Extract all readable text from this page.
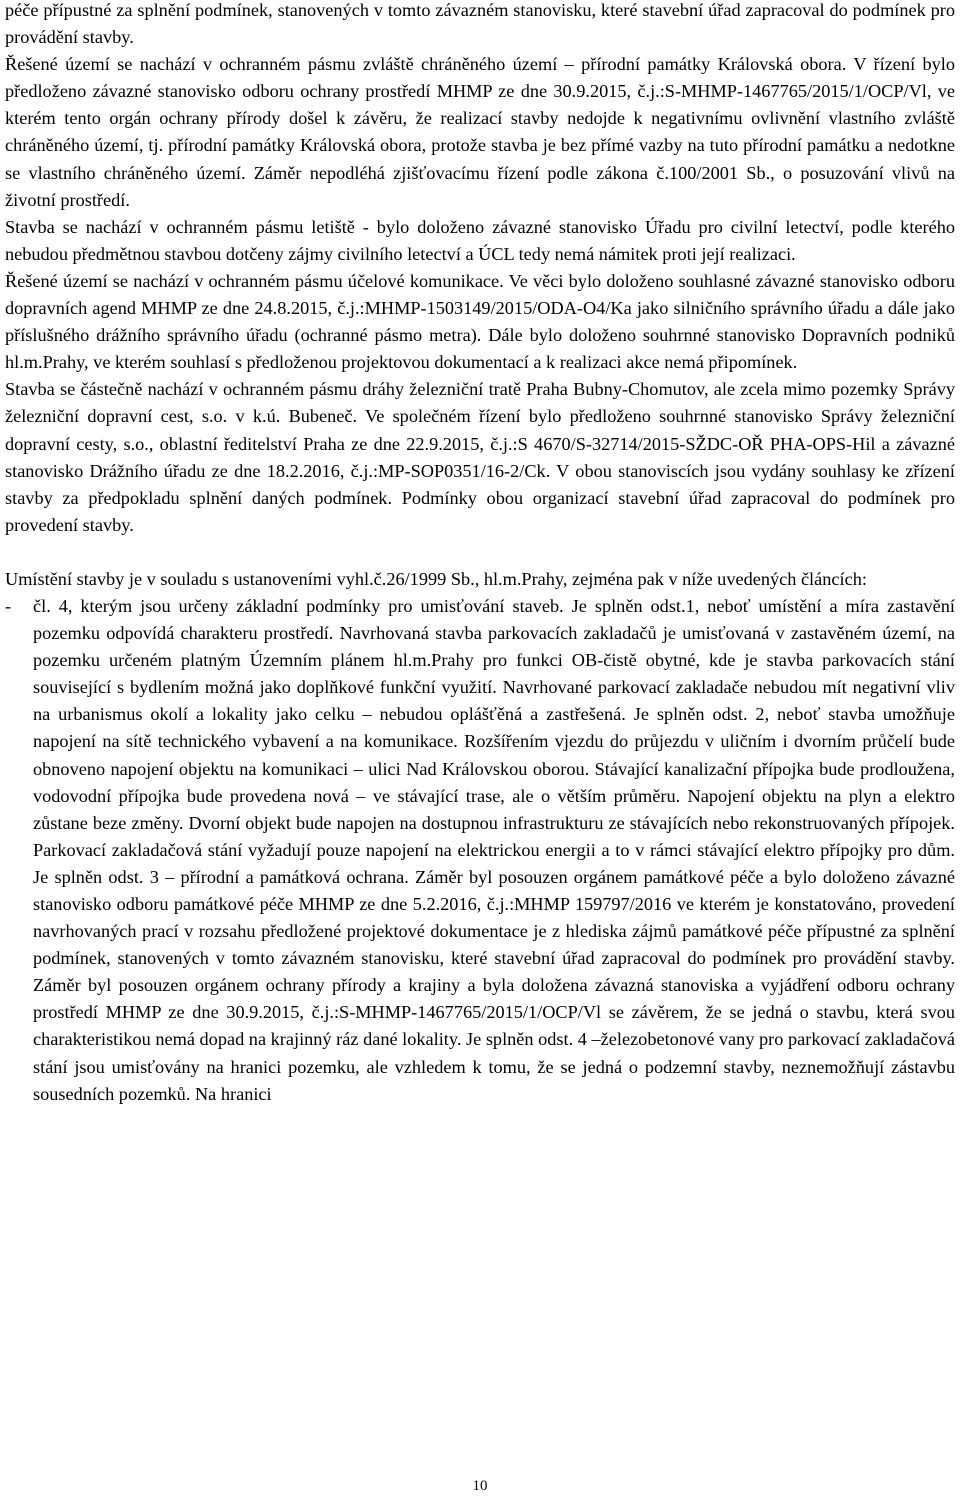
péče přípustné za splnění podmínek, stanovených v tomto závazném stanovisku, které stavební úřad zapracoval do podmínek pro provádění stavby.

Řešené území se nachází v ochranném pásmu zvláště chráněného území – přírodní památky Královská obora. V řízení bylo předloženo závazné stanovisko odboru ochrany prostředí MHMP ze dne 30.9.2015, č.j.:S-MHMP-1467765/2015/1/OCP/Vl, ve kterém tento orgán ochrany přírody došel k závěru, že realizací stavby nedojde k negativnímu ovlivnění vlastního zvláště chráněného území, tj. přírodní památky Královská obora, protože stavba je bez přímé vazby na tuto přírodní památku a nedotkne se vlastního chráněného území. Záměr nepodléhá zjišťovacímu řízení podle zákona č.100/2001 Sb., o posuzování vlivů na životní prostředí.

Stavba se nachází v ochranném pásmu letiště - bylo doloženo závazné stanovisko Úřadu pro civilní letectví, podle kterého nebudou předmětnou stavbou dotčeny zájmy civilního letectví a ÚCL tedy nemá námitek proti její realizaci.

Řešené území se nachází v ochranném pásmu účelové komunikace. Ve věci bylo doloženo souhlasné závazné stanovisko odboru dopravních agend MHMP ze dne 24.8.2015, č.j.:MHMP-1503149/2015/ODA-O4/Ka jako silničního správního úřadu a dále jako příslušného drážního správního úřadu (ochranné pásmo metra). Dále bylo doloženo souhrnné stanovisko Dopravních podniků hl.m.Prahy, ve kterém souhlasí s předloženou projektovou dokumentací a k realizaci akce nemá připomínek.

Stavba se částečně nachází v ochranném pásmu dráhy železniční tratě Praha Bubny-Chomutov, ale zcela mimo pozemky Správy železniční dopravní cest, s.o. v k.ú. Bubeneč. Ve společném řízení bylo předloženo souhrnné stanovisko Správy železniční dopravní cesty, s.o., oblastní ředitelství Praha ze dne 22.9.2015, č.j.:S 4670/S-32714/2015-SŽDC-OŘ PHA-OPS-Hil a závazné stanovisko Drážního úřadu ze dne 18.2.2016, č.j.:MP-SOP0351/16-2/Ck. V obou stanoviscích jsou vydány souhlasy ke zřízení stavby za předpokladu splnění daných podmínek. Podmínky obou organizací stavební úřad zapracoval do podmínek pro provedení stavby.

Umístění stavby je v souladu s ustanoveními vyhl.č.26/1999 Sb., hl.m.Prahy, zejména pak v níže uvedených článcích:

-	čl. 4, kterým jsou určeny základní podmínky pro umisťování staveb. Je splněn odst.1, neboť umístění a míra zastavění pozemku odpovídá charakteru prostředí. Navrhovaná stavba parkovacích zakladačů je umisťovaná v zastavěném území, na pozemku určeném platným Územním plánem hl.m.Prahy pro funkci OB-čistě obytné, kde je stavba parkovacích stání související s bydlením možná jako doplňkové funkční využití. Navrhované parkovací zakladače nebudou mít negativní vliv na urbanismus okolí a lokality jako celku – nebudou oplášťěná a zastřešená. Je splněn odst. 2, neboť stavba umožňuje napojení na sítě technického vybavení a na komunikace. Rozšířením vjezdu do průjezdu v uličním i dvorním průčelí bude obnoveno napojení objektu na komunikaci – ulici Nad Královskou oborou. Stávající kanalizační přípojka bude prodloužena, vodovodní přípojka bude provedena nová – ve stávající trase, ale o větším průměru. Napojení objektu na plyn a elektro zůstane beze změny. Dvorní objekt bude napojen na dostupnou infrastrukturu ze stávajících nebo rekonstruovaných přípojek. Parkovací zakladačová stání vyžadují pouze napojení na elektrickou energii a to v rámci stávající elektro přípojky pro dům. Je splněn odst. 3 – přírodní a památková ochrana. Záměr byl posouzen orgánem památkové péče a bylo doloženo závazné stanovisko odboru památkové péče MHMP ze dne 5.2.2016, č.j.:MHMP 159797/2016 ve kterém je konstatováno, provedení navrhovaných prací v rozsahu předložené projektové dokumentace je z hlediska zájmů památkové péče přípustné za splnění podmínek, stanovených v tomto závazném stanovisku, které stavební úřad zapracoval do podmínek pro provádění stavby. Záměr byl posouzen orgánem ochrany přírody a krajiny a byla doložena závazná stanoviska a vyjádření odboru ochrany prostředí MHMP ze dne 30.9.2015, č.j.:S-MHMP-1467765/2015/1/OCP/Vl se závěrem, že se jedná o stavbu, která svou charakteristikou nemá dopad na krajinný ráz dané lokality. Je splněn odst. 4 –železobetonové vany pro parkovací zakladačová stání jsou umisťovány na hranici pozemku, ale vzhledem k tomu, že se jedná o podzemní stavby, neznemožňují zástavbu sousedních pozemků. Na hranici
10
